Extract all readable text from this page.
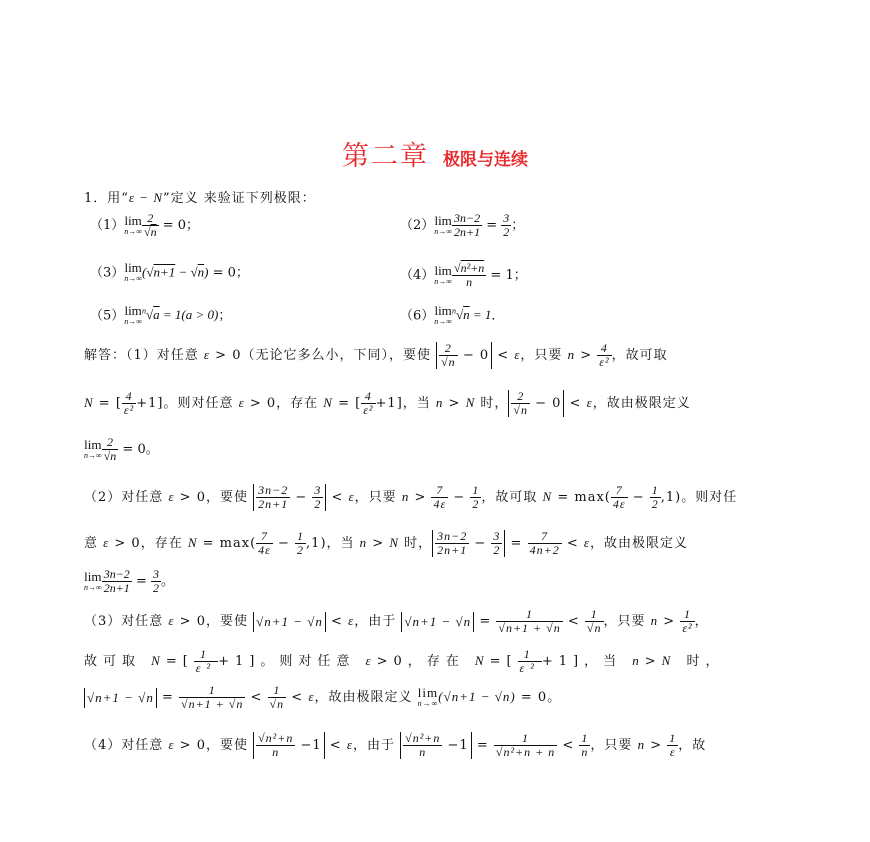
第二章 极限与连续
1．用“ε − N”定义 来验证下列极限：
（1） lim
$n\to\infty \frac{2}{√n} = 0$；	（2） lim
$n\to\infty \frac{3n-2}{2n+1} = \frac{3}{2}$ ；
（3） lim
n→∞ (√n+1 − √n) = 0；	（4） lim
$n\to\infty \frac{\text{√n²+n}}{n} = 1$；
（5） lim
n→∞
$^n$√a = 1(a > 0)；	（6） lim
n→∞
$^n$√n = 1．
解答：（1）对任意 ε > 0（无论它多么小，下同），要使 $\frac{2}{√n} - 0 < \varepsilon$，只要 $n > \frac{4}{\text{ε²}}$ ，故可取
N = [ $\frac{4}{\text{ε²}} +1$]。则对任意 ε > 0，存在 N = [ $\frac{4}{\text{ε²}} +1$]，当 n > N 时， $\frac{2}{√n} - 0 < \varepsilon$，故由极限定义
lim
$n\to\infty \frac{2}{√n} = 0$。
（2）对任意 ε > 0，要使 $\frac{3n-2}{2n+1} - \frac{3}{2} < \varepsilon$，只要 $n > \frac{7}{4\varepsilon} - \frac{1}{2}$ ，故可取 $N = \max( \frac{7}{4\varepsilon} - \frac{1}{2} ,1)$。则对任
意 ε > 0，存在 $N = \max( \frac{7}{4\varepsilon} - \frac{1}{2} ,1)$，当 n > N 时， $\frac{3n-2}{2n+1} - \frac{3}{2} = \frac{7}{4n+2} < \varepsilon$，故由极限定义
lim
$n\to\infty \frac{3n-2}{2n+1} = \frac{3}{2}$ 。
（3）对任意 ε > 0，要使 √n+1 − √n < ε，由于 $√n+1 - √n = \frac{1}{√n+1 + √n} < \frac{1}{√n}$ ，只要 $n > \frac{1}{\text{ε²}}$ ，
故可取 $N=[ \frac{1}{\text{ε²}} +1]$。则对任意 ε>0，存在 $N=[ \frac{1}{\text{ε²}} +1]$，当 n>N 时，
$√n+1 - √n = \frac{1}{√n+1 + √n} < \frac{1}{√n} < \varepsilon$，故由极限定义 lim
n→∞ (√n+1 − √n) = 0。
（4）对任意 ε > 0，要使 $\frac{\text{√n²+n}}{n} -1 < \varepsilon$，由于 $\frac{\text{√n²+n}}{n} -1 = \frac{1}{\text{√n²+n + n}} < \frac{1}{n}$ ，只要 $n > \frac{1}{\varepsilon}$ ，故
